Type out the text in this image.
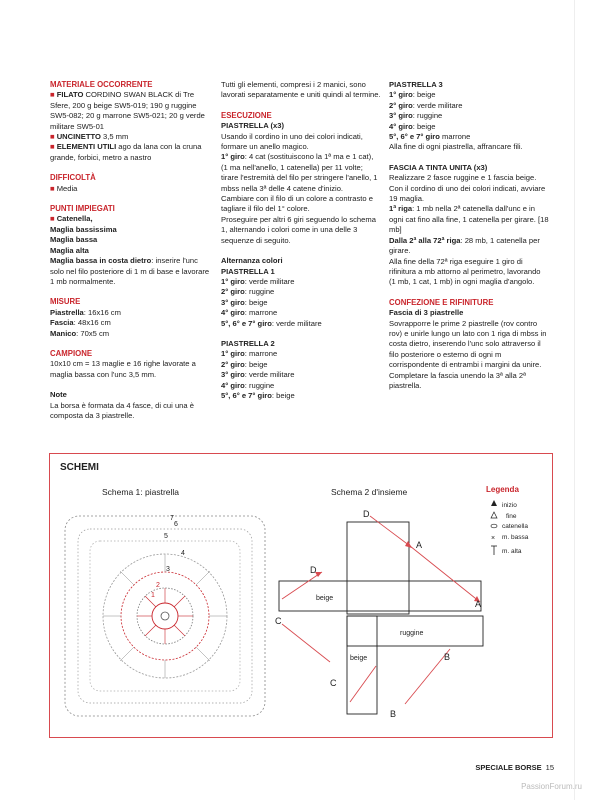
MATERIALE OCCORRENTE

■ FILATO CORDINO SWAN BLACK di Tre Sfere, 200 g beige SW5-019; 190 g ruggine SW5-082; 20 g marrone SW5-021; 20 g verde militare SW5-01

■ UNCINETTO 3,5 mm

■ ELEMENTI UTILI ago da lana con la cruna grande, forbici, metro a nastro

DIFFICOLTÀ

■ Media

PUNTI IMPIEGATI

■ Catenella,

Maglia bassissima

Maglia bassa

Maglia alta

Maglia bassa in costa dietro: inserire l'unc solo nel filo posteriore di 1 m di base e lavorare 1 mb normalmente.

MISURE

Piastrella: 16x16 cm

Fascia: 48x16 cm

Manico: 70x5 cm

CAMPIONE

10x10 cm = 13 maglie e 16 righe lavorate a maglia bassa con l'unc 3,5 mm.

Note

La borsa è formata da 4 fasce, di cui una è composta da 3 piastrelle.

Tutti gli elementi, compresi i 2 manici, sono lavorati separatamente e uniti quindi al termine.

ESECUZIONE

PIASTRELLA (x3)

Usando il cordino in uno dei colori indicati, formare un anello magico.

1° giro: 4 cat (sostituiscono la 1ª ma e 1 cat), (1 ma nell'anello, 1 catenella) per 11 volte; tirare l'estremità del filo per stringere l'anello, 1 mbss nella 3ª delle 4 catene d'inizio.

Cambiare con il filo di un colore a contrasto e tagliare il filo del 1° colore.

Proseguire per altri 6 giri seguendo lo schema 1, alternando i colori come in una delle 3 sequenze di seguito.

Alternanza colori

PIASTRELLA 1

1° giro: verde militare

2° giro: ruggine

3° giro: beige

4° giro: marrone

5°, 6° e 7° giro: verde militare

PIASTRELLA 2

1° giro: marrone

2° giro: beige

3° giro: verde militare

4° giro: ruggine

5°, 6° e 7° giro: beige

PIASTRELLA 3

1° giro: beige

2° giro: verde militare

3° giro: ruggine

4° giro: beige

5°, 6° e 7° giro marrone

Alla fine di ogni piastrella, affrancare fili.

FASCIA A TINTA UNITA (x3)

Realizzare 2 fasce ruggine e 1 fascia beige. Con il cordino di uno dei colori indicati, avviare 19 maglia.

1ª riga: 1 mb nella 2ª catenella dall'unc e in ogni cat fino alla fine, 1 catenella per girare. [18 mb]

Dalla 2ª alla 72ª riga: 28 mb, 1 catenella per girare.

Alla fine della 72ª riga eseguire 1 giro di rifinitura a mb attorno al perimetro, lavorando (1 mb, 1 cat, 1 mb) in ogni maglia d'angolo.

CONFEZIONE E RIFINITURE

Fascia di 3 piastrelle

Sovrapporre le prime 2 piastrelle (rov contro rov) e unirle lungo un lato con 1 riga di mbss in costa dietro, inserendo l'unc solo attraverso il filo posteriore o esterno di ogni m corrispondente di entrambi i margini da unire. Completare la fascia unendo la 3ª alla 2ª piastrella.

SCHEMI
Schema 1: piastrella	Schema 2 d'insieme
7
6
5
4
3
2
1	beige
ruggine
beige
D
D
A
A
C
C
B
B
Legenda
inizio
fine
catenella
× m. bassa
m. alta
SPECIALE BORSE 15
PassionForum.ru
